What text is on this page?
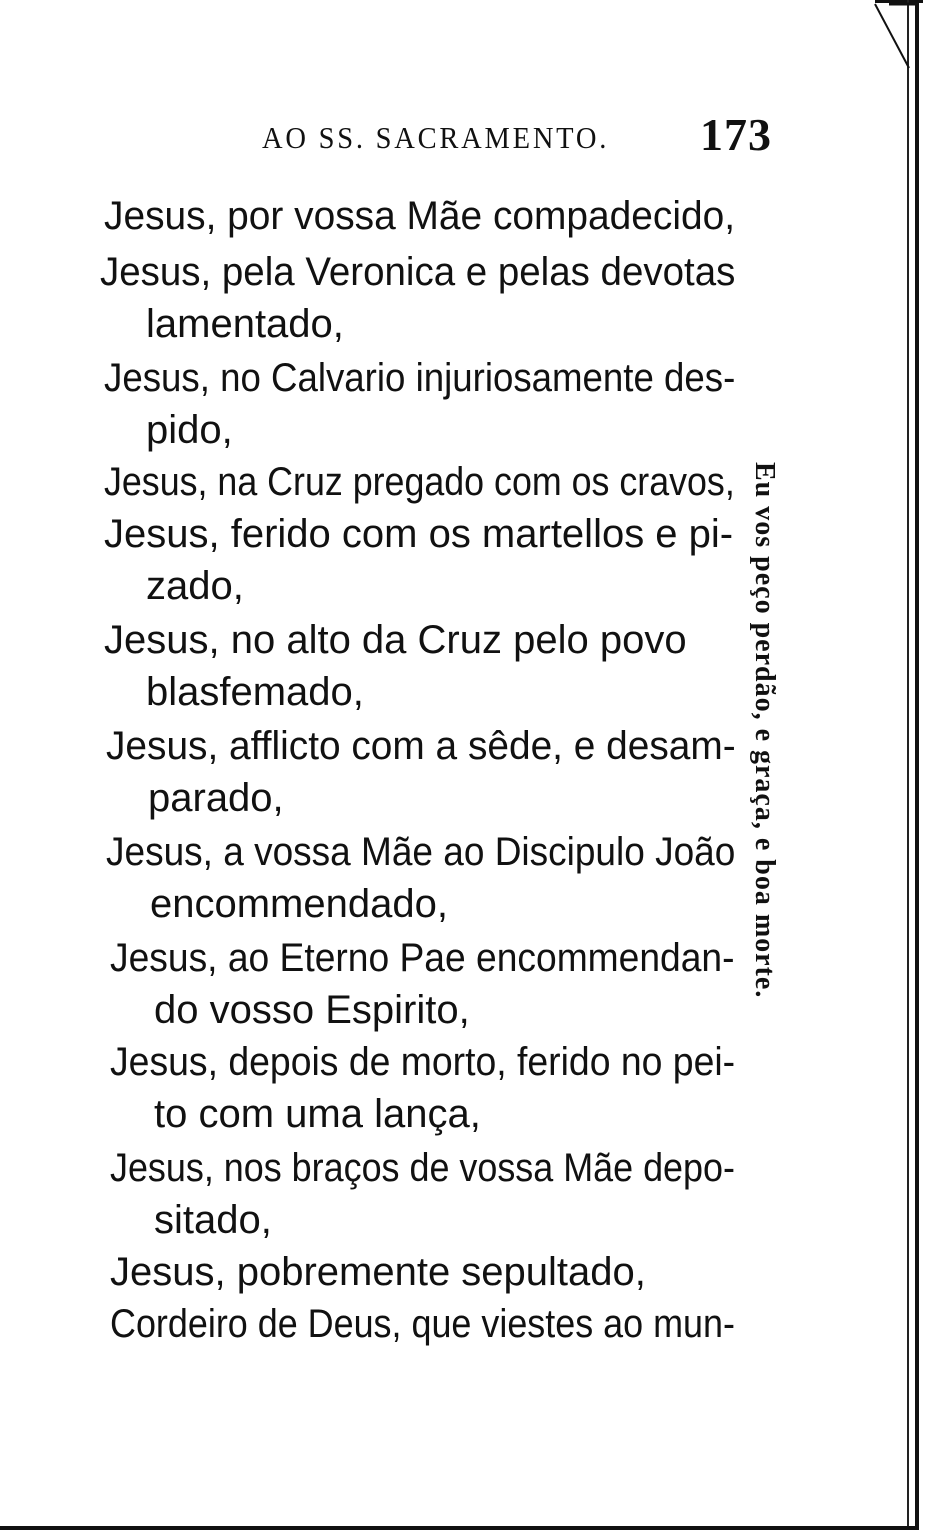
AO SS. SACRAMENTO. 173
Jesus, por vossa Mãe compadecido,
Jesus, pela Veronica e pelas devotas
lamentado,
Jesus, no Calvario injuriosamente des-
pido,
Jesus, na Cruz pregado com os cravos,
Jesus, ferido com os martellos e pi-
zado,
Jesus, no alto da Cruz pelo povo
blasfemado,
Jesus, afflicto com a sêde, e desam-
parado,
Jesus, a vossa Mãe ao Discipulo João
encommendado,
Jesus, ao Eterno Pae encommendan-
do vosso Espirito,
Jesus, depois de morto, ferido no pei-
to com uma lança,
Jesus, nos braços de vossa Mãe depo-
sitado,
Jesus, pobremente sepultado,
Cordeiro de Deus, que viestes ao mun-
Eu vos peço perdão, e graça, e boa morte.
